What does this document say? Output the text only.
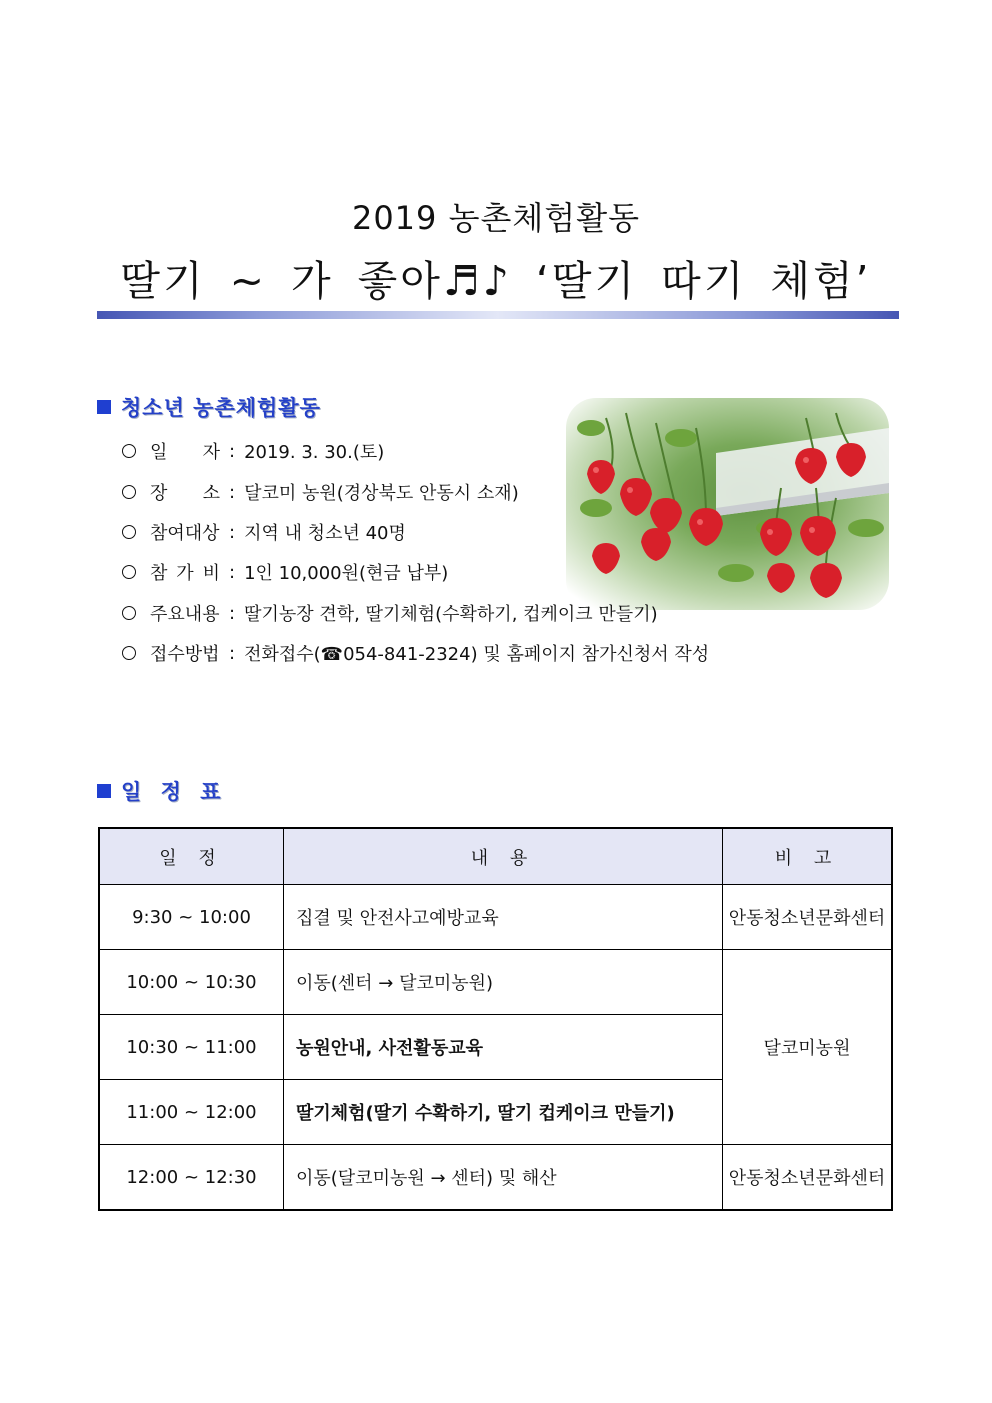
2019 농촌체험활동
딸기 ~ 가 좋아♬♪ ‘딸기 따기 체험’
청소년 농촌체험활동
일 자 : 2019. 3. 30.(토)
장 소 : 달코미 농원(경상북도 안동시 소재)
참여대상 : 지역 내 청소년 40명
참 가 비 : 1인 10,000원(현금 납부)
주요내용 : 딸기농장 견학, 딸기체험(수확하기, 컵케이크 만들기)
접수방법 : 전화접수(☎054-841-2324) 및 홈페이지 참가신청서 작성
일 정 표
일 정	내 용	비 고
9:30 ~ 10:00	집결 및 안전사고예방교육	안동청소년문화센터
10:00 ~ 10:30	이동(센터 → 달코미농원)	달코미농원
10:30 ~ 11:00	농원안내, 사전활동교육	
11:00 ~ 12:00	딸기체험(딸기 수확하기, 딸기 컵케이크 만들기)	
12:00 ~ 12:30	이동(달코미농원 → 센터) 및 해산	안동청소년문화센터
